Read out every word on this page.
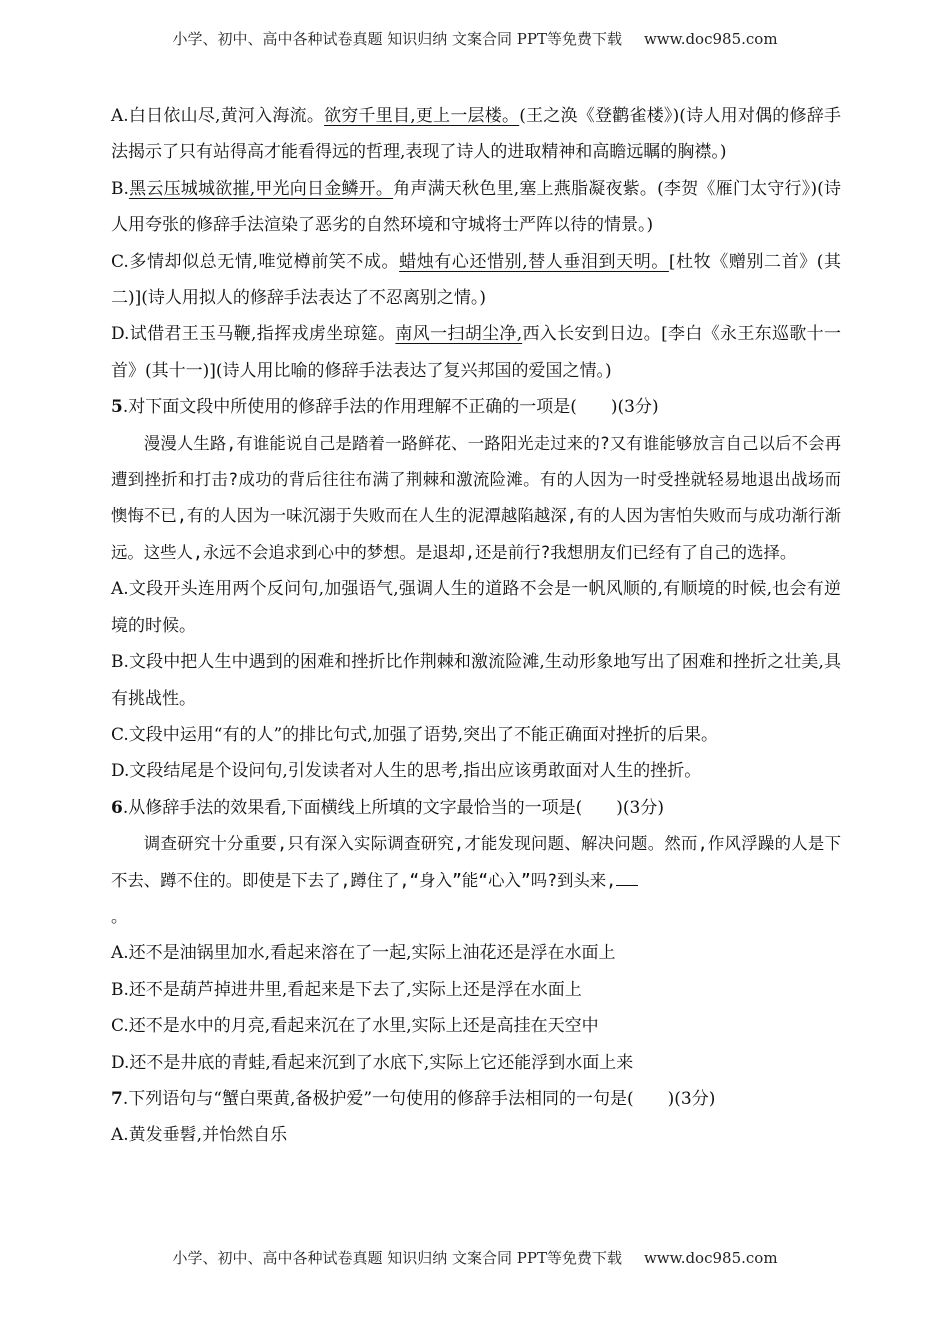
小学、初中、高中各种试卷真题 知识归纳 文案合同 PPT等免费下载 www.doc985.com

A.白日依山尽,黄河入海流。欲穷千里目,更上一层楼。(王之涣《登鹳雀楼》)(诗人用对偶的修辞手法揭示了只有站得高才能看得远的哲理,表现了诗人的进取精神和高瞻远瞩的胸襟。)

B.黑云压城城欲摧,甲光向日金鳞开。角声满天秋色里,塞上燕脂凝夜紫。(李贺《雁门太守行》)(诗人用夸张的修辞手法渲染了恶劣的自然环境和守城将士严阵以待的情景。)

C.多情却似总无情,唯觉樽前笑不成。蜡烛有心还惜别,替人垂泪到天明。[杜牧《赠别二首》(其二)](诗人用拟人的修辞手法表达了不忍离别之情。)

D.试借君王玉马鞭,指挥戎虏坐琼筵。南风一扫胡尘净,西入长安到日边。[李白《永王东巡歌十一首》(其十一)](诗人用比喻的修辞手法表达了复兴邦国的爱国之情。)

5.对下面文段中所使用的修辞手法的作用理解不正确的一项是(　　)(3分)

漫漫人生路,有谁能说自己是踏着一路鲜花、一路阳光走过来的?又有谁能够放言自己以后不会再遭到挫折和打击?成功的背后往往布满了荆棘和激流险滩。有的人因为一时受挫就轻易地退出战场而懊悔不已,有的人因为一味沉溺于失败而在人生的泥潭越陷越深,有的人因为害怕失败而与成功渐行渐远。这些人,永远不会追求到心中的梦想。是退却,还是前行?我想朋友们已经有了自己的选择。

A.文段开头连用两个反问句,加强语气,强调人生的道路不会是一帆风顺的,有顺境的时候,也会有逆境的时候。

B.文段中把人生中遇到的困难和挫折比作荆棘和激流险滩,生动形象地写出了困难和挫折之壮美,具有挑战性。

C.文段中运用“有的人”的排比句式,加强了语势,突出了不能正确面对挫折的后果。

D.文段结尾是个设问句,引发读者对人生的思考,指出应该勇敢面对人生的挫折。

6.从修辞手法的效果看,下面横线上所填的文字最恰当的一项是(　　)(3分)

调查研究十分重要,只有深入实际调查研究,才能发现问题、解决问题。然而,作风浮躁的人是下不去、蹲不住的。即使是下去了,蹲住了,“身入”能“心入”吗?到头来,
。

A.还不是油锅里加水,看起来溶在了一起,实际上油花还是浮在水面上

B.还不是葫芦掉进井里,看起来是下去了,实际上还是浮在水面上

C.还不是水中的月亮,看起来沉在了水里,实际上还是高挂在天空中

D.还不是井底的青蛙,看起来沉到了水底下,实际上它还能浮到水面上来

7.下列语句与“蟹白栗黄,备极护爱”一句使用的修辞手法相同的一句是(　　)(3分)

A.黄发垂髫,并怡然自乐

小学、初中、高中各种试卷真题 知识归纳 文案合同 PPT等免费下载 www.doc985.com
